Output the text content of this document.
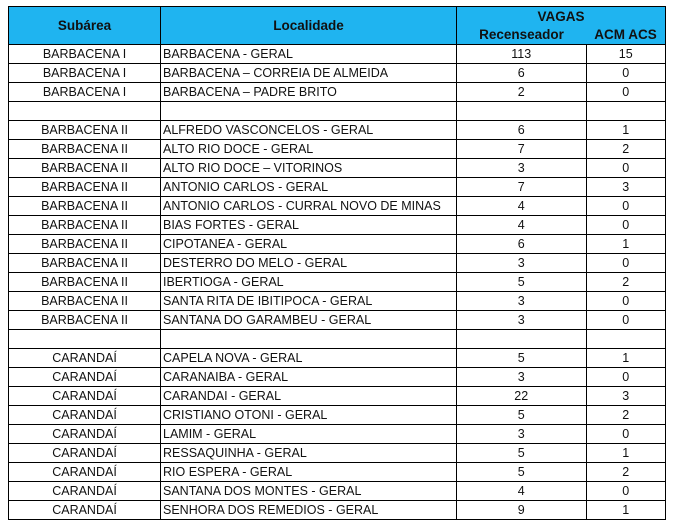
Subárea	Localidade	VAGAS	
		Recenseador	ACM ACS
BARBACENA I	BARBACENA - GERAL	113	15
BARBACENA I	BARBACENA – CORREIA DE ALMEIDA	6	0
BARBACENA I	BARBACENA – PADRE BRITO	2	0

BARBACENA II	ALFREDO VASCONCELOS - GERAL	6	1
BARBACENA II	ALTO RIO DOCE - GERAL	7	2
BARBACENA II	ALTO RIO DOCE – VITORINOS	3	0
BARBACENA II	ANTONIO CARLOS - GERAL	7	3
BARBACENA II	ANTONIO CARLOS - CURRAL NOVO DE MINAS	4	0
BARBACENA II	BIAS FORTES - GERAL	4	0
BARBACENA II	CIPOTANEA - GERAL	6	1
BARBACENA II	DESTERRO DO MELO - GERAL	3	0
BARBACENA II	IBERTIOGA - GERAL	5	2
BARBACENA II	SANTA RITA DE IBITIPOCA - GERAL	3	0
BARBACENA II	SANTANA DO GARAMBEU - GERAL	3	0

CARANDAÍ	CAPELA NOVA - GERAL	5	1
CARANDAÍ	CARANAIBA - GERAL	3	0
CARANDAÍ	CARANDAI - GERAL	22	3
CARANDAÍ	CRISTIANO OTONI - GERAL	5	2
CARANDAÍ	LAMIM - GERAL	3	0
CARANDAÍ	RESSAQUINHA - GERAL	5	1
CARANDAÍ	RIO ESPERA - GERAL	5	2
CARANDAÍ	SANTANA DOS MONTES - GERAL	4	0
CARANDAÍ	SENHORA DOS REMEDIOS - GERAL	9	1
